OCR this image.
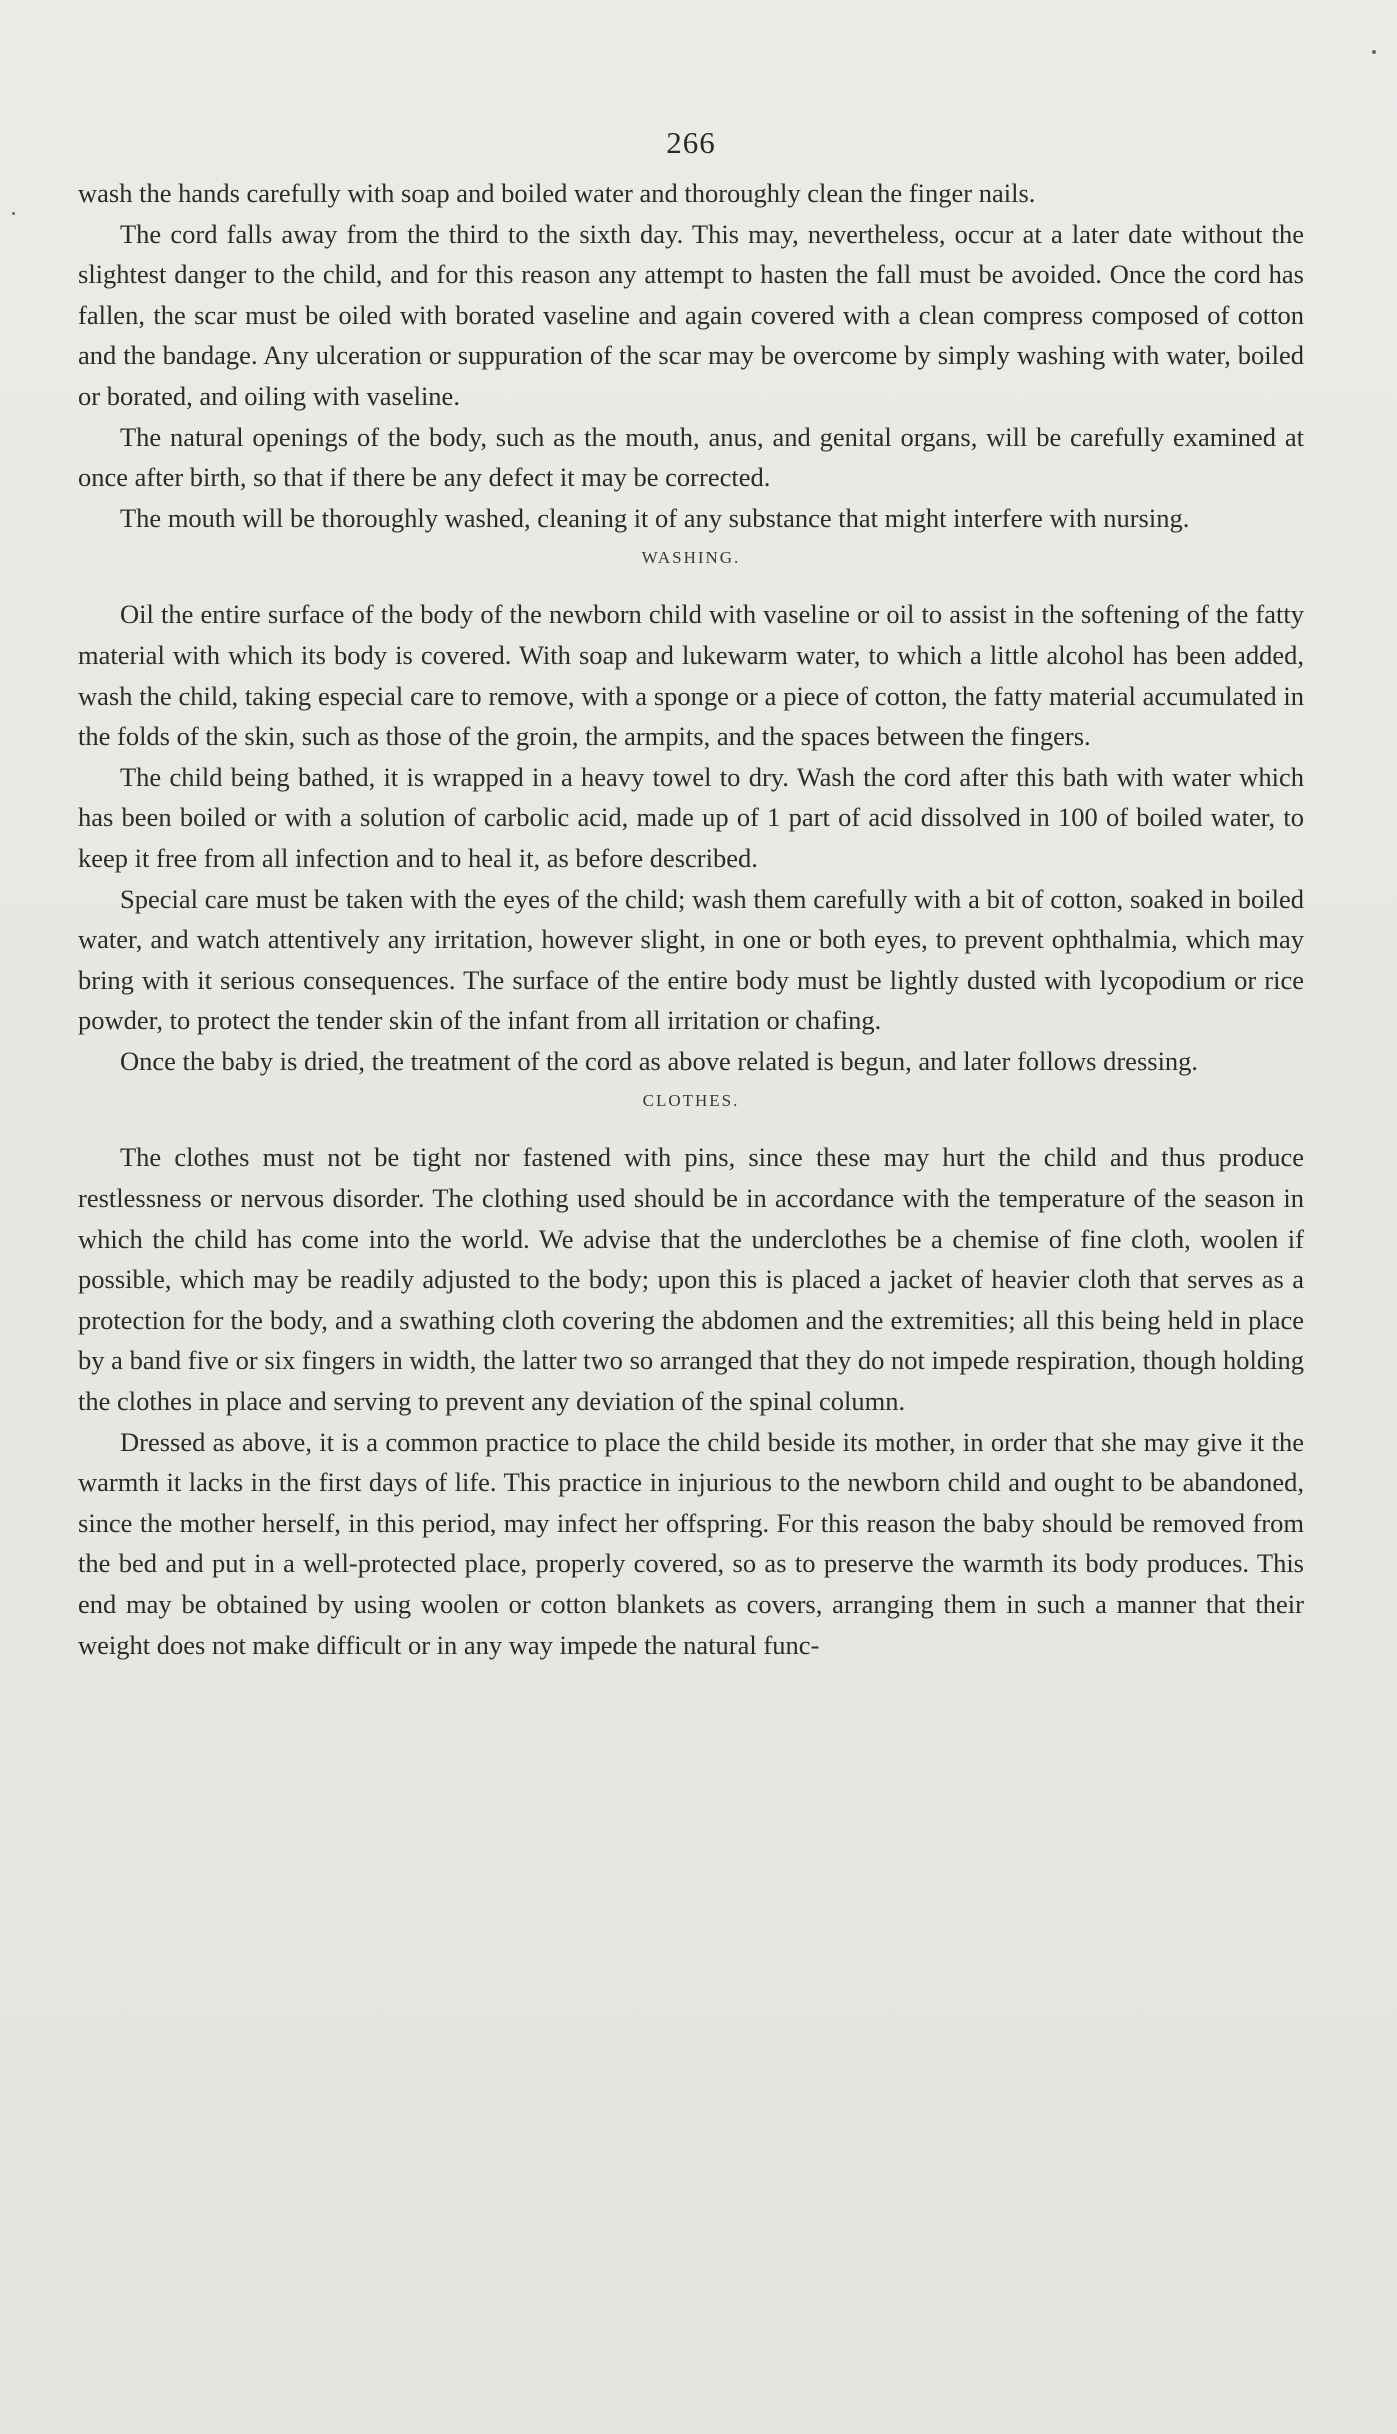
266

wash the hands carefully with soap and boiled water and thoroughly clean the finger nails.

The cord falls away from the third to the sixth day. This may, nevertheless, occur at a later date without the slightest danger to the child, and for this reason any attempt to hasten the fall must be avoided. Once the cord has fallen, the scar must be oiled with borated vaseline and again covered with a clean compress composed of cotton and the bandage. Any ulceration or suppuration of the scar may be overcome by simply washing with water, boiled or borated, and oiling with vaseline.

The natural openings of the body, such as the mouth, anus, and genital organs, will be carefully examined at once after birth, so that if there be any defect it may be corrected.

The mouth will be thoroughly washed, cleaning it of any substance that might interfere with nursing.

WASHING.

Oil the entire surface of the body of the newborn child with vaseline or oil to assist in the softening of the fatty material with which its body is covered. With soap and lukewarm water, to which a little alcohol has been added, wash the child, taking especial care to remove, with a sponge or a piece of cotton, the fatty material accumulated in the folds of the skin, such as those of the groin, the armpits, and the spaces between the fingers.

The child being bathed, it is wrapped in a heavy towel to dry. Wash the cord after this bath with water which has been boiled or with a solution of carbolic acid, made up of 1 part of acid dissolved in 100 of boiled water, to keep it free from all infection and to heal it, as before described.

Special care must be taken with the eyes of the child; wash them carefully with a bit of cotton, soaked in boiled water, and watch attentively any irritation, however slight, in one or both eyes, to prevent ophthalmia, which may bring with it serious consequences. The surface of the entire body must be lightly dusted with lycopodium or rice powder, to protect the tender skin of the infant from all irritation or chafing.

Once the baby is dried, the treatment of the cord as above related is begun, and later follows dressing.

CLOTHES.

The clothes must not be tight nor fastened with pins, since these may hurt the child and thus produce restlessness or nervous disorder. The clothing used should be in accordance with the temperature of the season in which the child has come into the world. We advise that the underclothes be a chemise of fine cloth, woolen if possible, which may be readily adjusted to the body; upon this is placed a jacket of heavier cloth that serves as a protection for the body, and a swathing cloth covering the abdomen and the extremities; all this being held in place by a band five or six fingers in width, the latter two so arranged that they do not impede respiration, though holding the clothes in place and serving to prevent any deviation of the spinal column.

Dressed as above, it is a common practice to place the child beside its mother, in order that she may give it the warmth it lacks in the first days of life. This practice in injurious to the newborn child and ought to be abandoned, since the mother herself, in this period, may infect her offspring. For this reason the baby should be removed from the bed and put in a well-protected place, properly covered, so as to preserve the warmth its body produces. This end may be obtained by using woolen or cotton blankets as covers, arranging them in such a manner that their weight does not make difficult or in any way impede the natural func-
